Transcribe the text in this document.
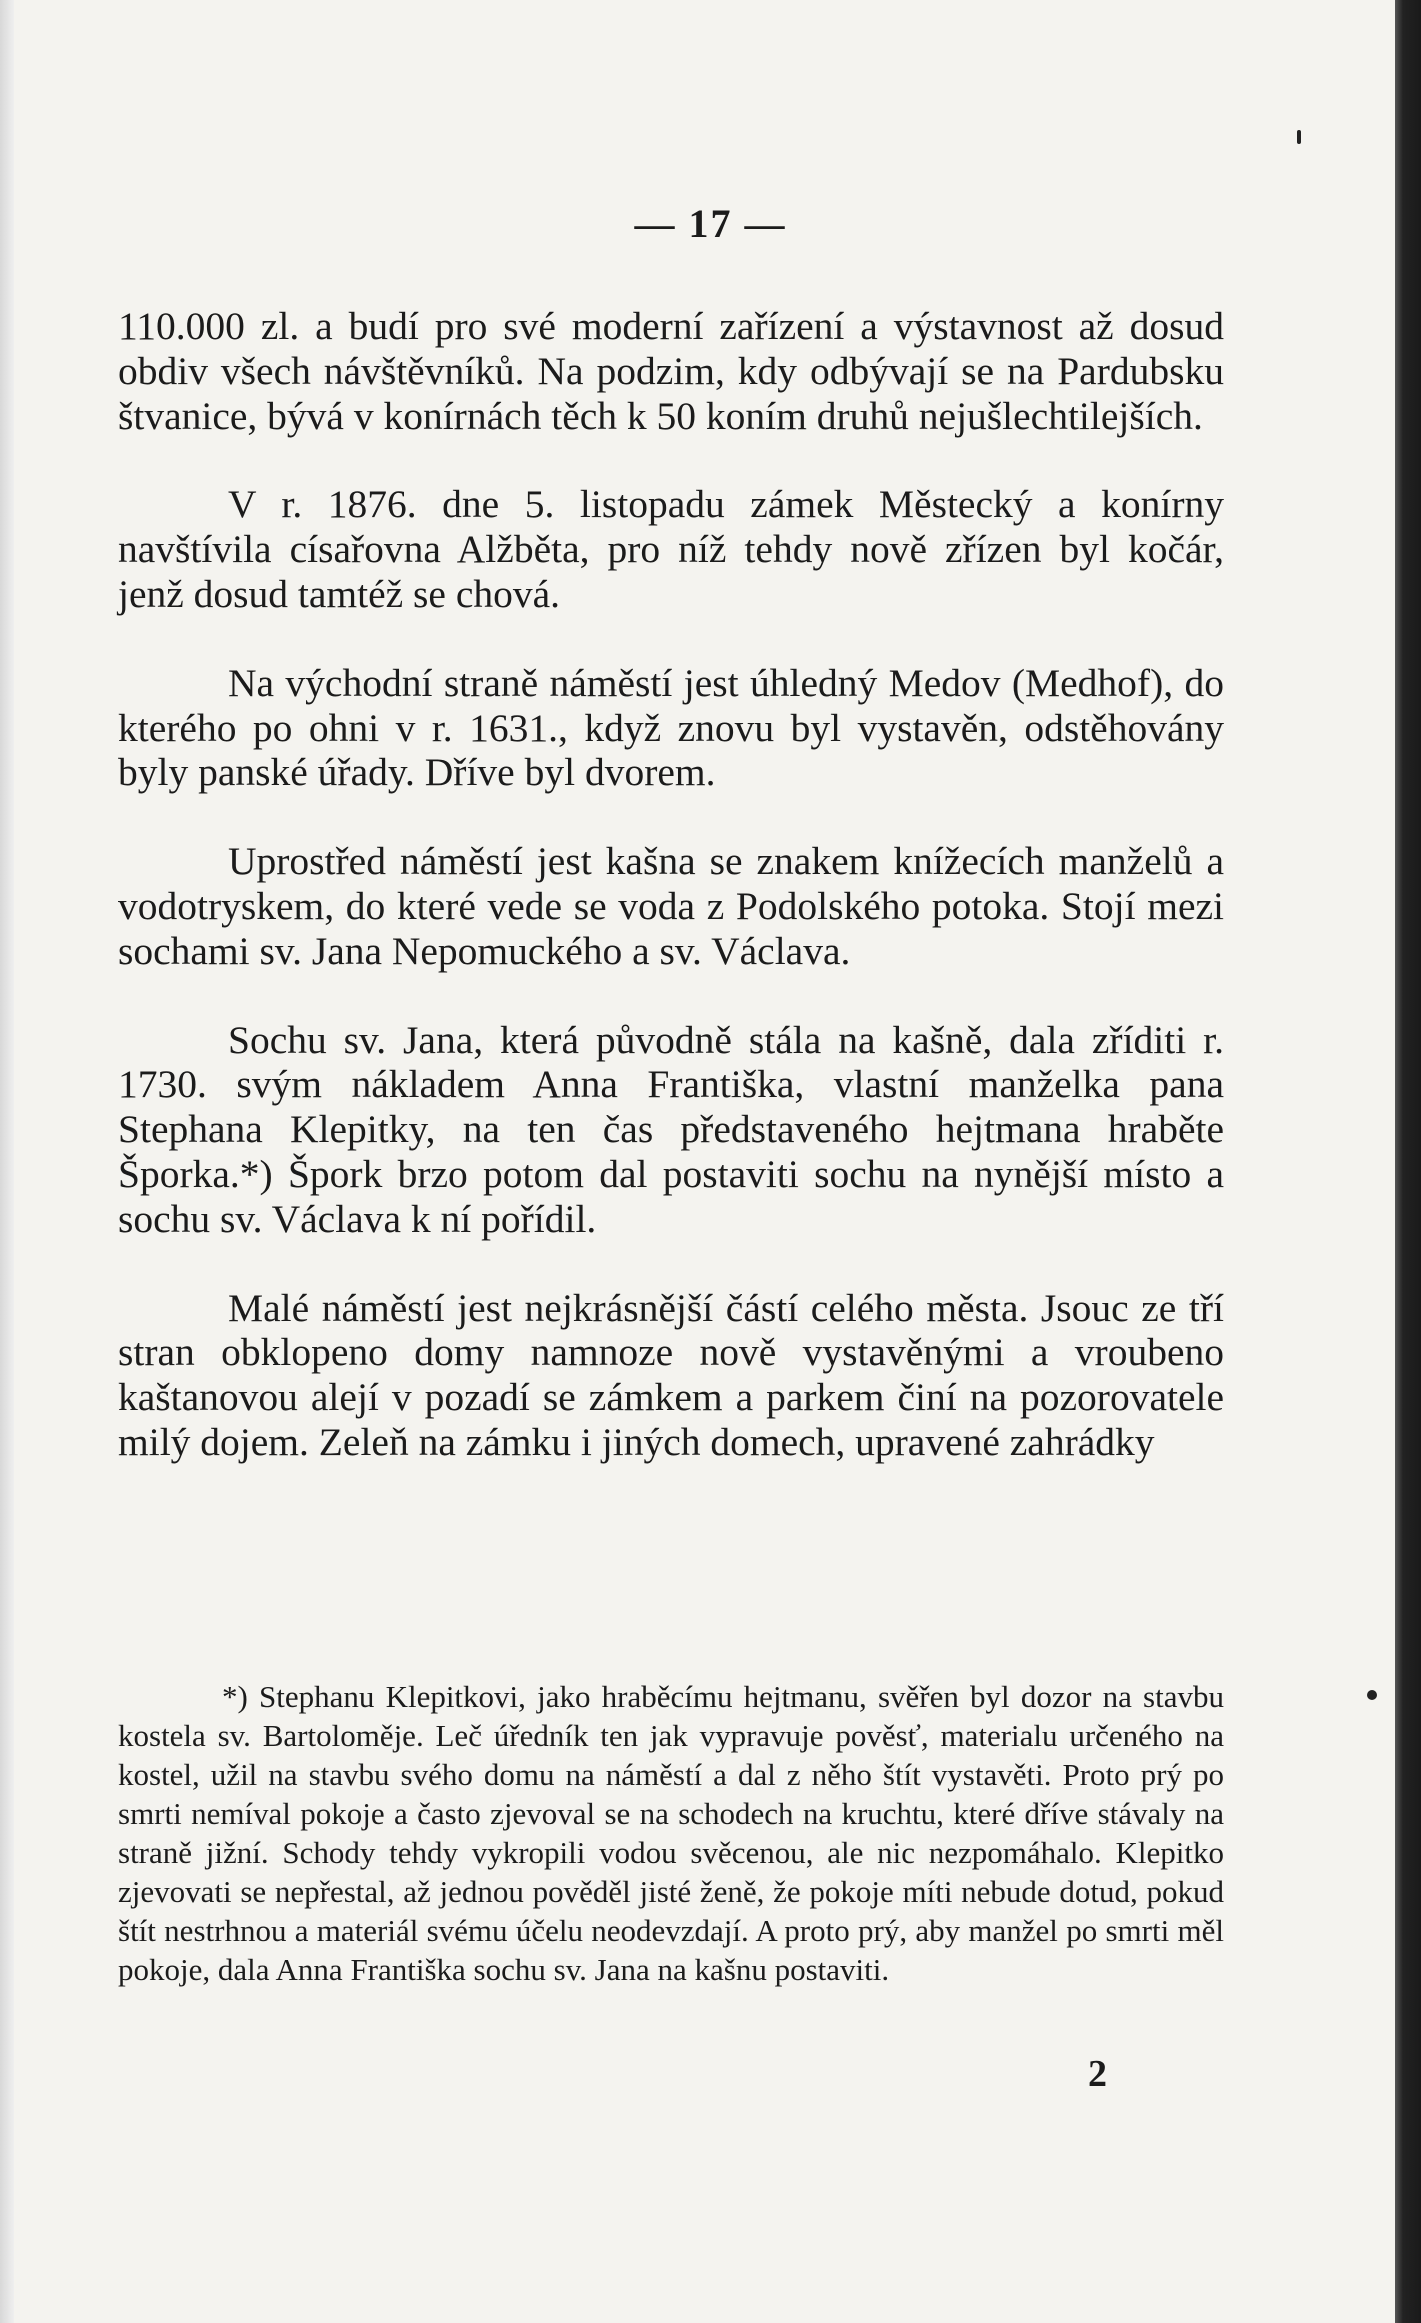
— 17 —

110.000 zl. a budí pro své moderní zařízení a výstavnost až dosud obdiv všech návštěvníků. Na podzim, kdy odbývají se na Pardubsku štvanice, bývá v konírnách těch k 50 koním druhů nejušlechtilejších.

V r. 1876. dne 5. listopadu zámek Městecký a konírny navštívila císařovna Alžběta, pro níž tehdy nově zřízen byl kočár, jenž dosud tamtéž se chová.

Na východní straně náměstí jest úhledný Medov (Medhof), do kterého po ohni v r. 1631., když znovu byl vystavěn, odstěhovány byly panské úřady. Dříve byl dvorem.

Uprostřed náměstí jest kašna se znakem knížecích manželů a vodotryskem, do které vede se voda z Podolského potoka. Stojí mezi sochami sv. Jana Nepomuckého a sv. Václava.

Sochu sv. Jana, která původně stála na kašně, dala zříditi r. 1730. svým nákladem Anna Františka, vlastní manželka pana Stephana Klepitky, na ten čas představeného hejtmana hraběte Šporka.*) Špork brzo potom dal postaviti sochu na nynější místo a sochu sv. Václava k ní pořídil.

Malé náměstí jest nejkrásnější částí celého města. Jsouc ze tří stran obklopeno domy namnoze nově vystavěnými a vroubeno kaštanovou alejí v pozadí se zámkem a parkem činí na pozorovatele milý dojem. Zeleň na zámku i jiných domech, upravené zahrádky

*) Stephanu Klepitkovi, jako hraběcímu hejtmanu, svěřen byl dozor na stavbu kostela sv. Bartoloměje. Leč úředník ten jak vypravuje pověsť, materialu určeného na kostel, užil na stavbu svého domu na náměstí a dal z něho štít vystavěti. Proto prý po smrti nemíval pokoje a často zjevoval se na schodech na kruchtu, které dříve stávaly na straně jižní. Schody tehdy vykropili vodou svěcenou, ale nic nezpomáhalo. Klepitko zjevovati se nepřestal, až jednou pověděl jisté ženě, že pokoje míti nebude dotud, pokud štít nestrhnou a materiál svému účelu neodevzdají. A proto prý, aby manžel po smrti měl pokoje, dala Anna Františka sochu sv. Jana na kašnu postaviti.

2
